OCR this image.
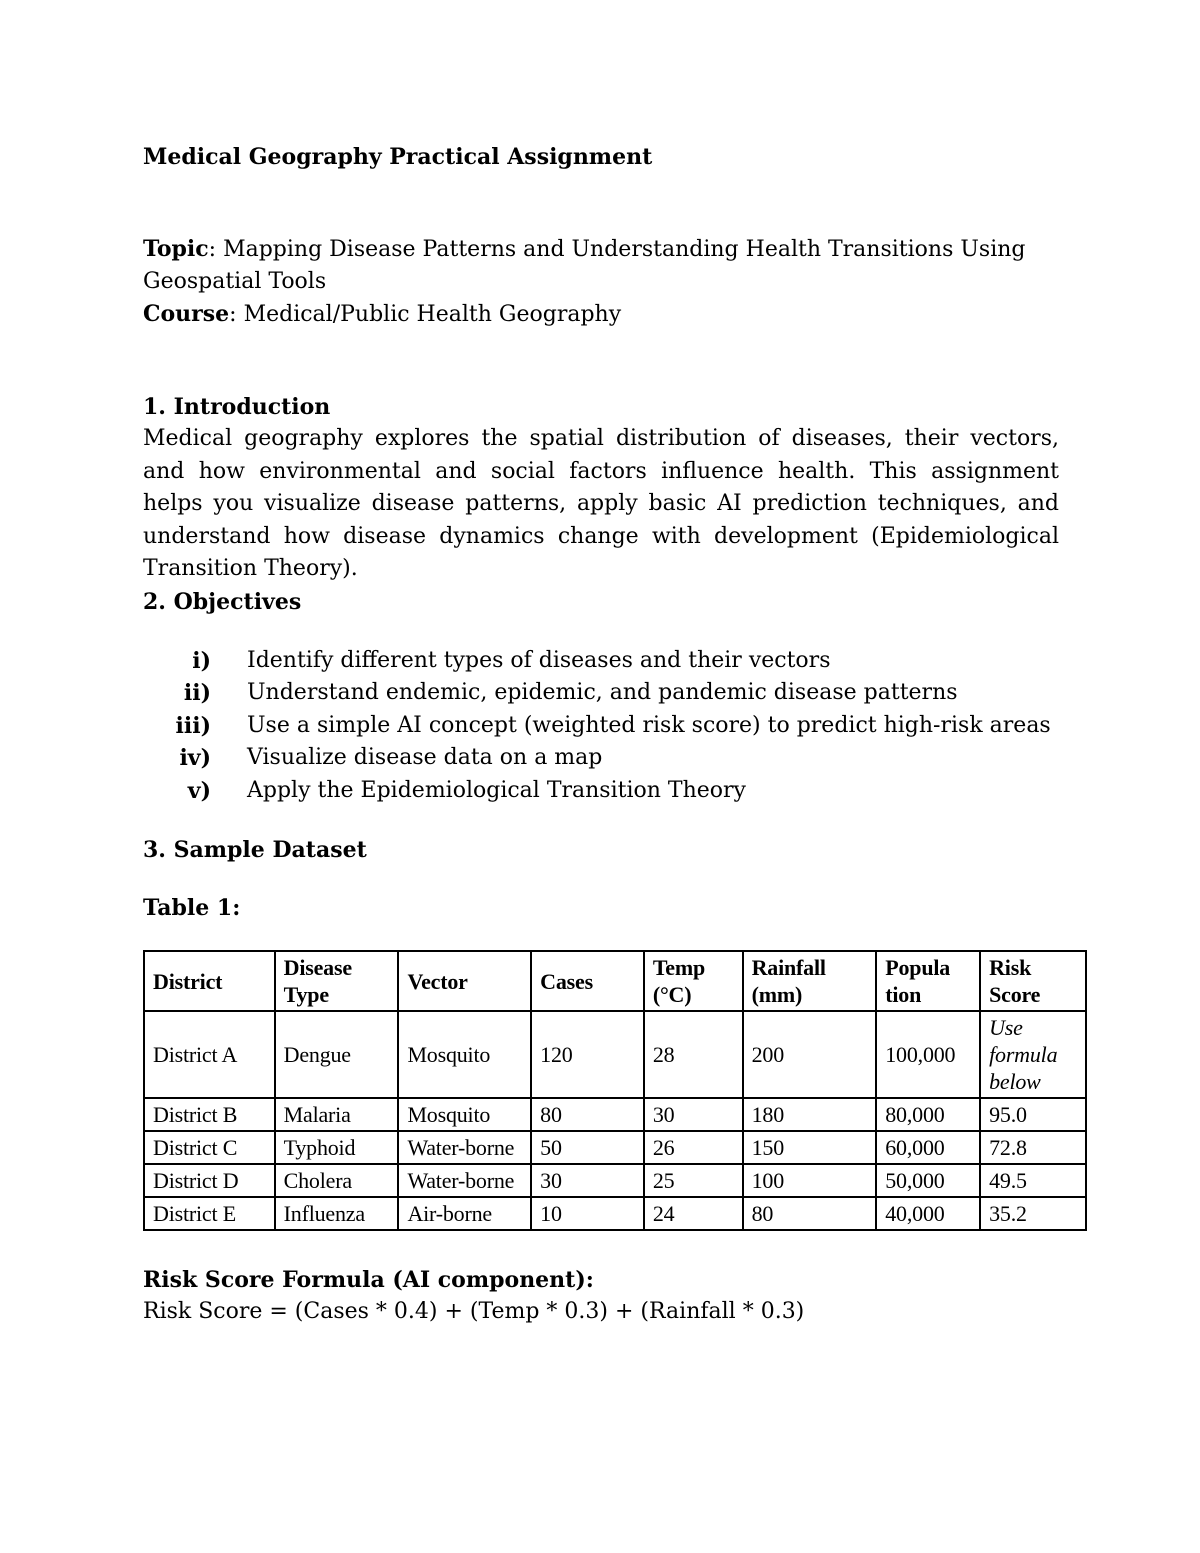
Medical Geography Practical Assignment

Topic: Mapping Disease Patterns and Understanding Health Transitions Using Geospatial Tools

Course: Medical/Public Health Geography

1. Introduction

Medical geography explores the spatial distribution of diseases, their vectors, and how environmental and social factors influence health. This assignment helps you visualize disease patterns, apply basic AI prediction techniques, and understand how disease dynamics change with development (Epidemiological Transition Theory).

2. Objectives
i) Identify different types of diseases and their vectors
ii) Understand endemic, epidemic, and pandemic disease patterns
iii) Use a simple AI concept (weighted risk score) to predict high-risk areas
iv) Visualize disease data on a map
v) Apply the Epidemiological Transition Theory
3. Sample Dataset
Table 1:
District	Disease Type	Vector	Cases	Temp (°C)	Rainfall (mm)	Popula tion	Risk Score
District A	Dengue	Mosquito	120	28	200	100,000	Use formula below
District B	Malaria	Mosquito	80	30	180	80,000	95.0
District C	Typhoid	Water-borne	50	26	150	60,000	72.8
District D	Cholera	Water-borne	30	25	100	50,000	49.5
District E	Influenza	Air-borne	10	24	80	40,000	35.2
Risk Score Formula (AI component):

Risk Score = (Cases * 0.4) + (Temp * 0.3) + (Rainfall * 0.3)
